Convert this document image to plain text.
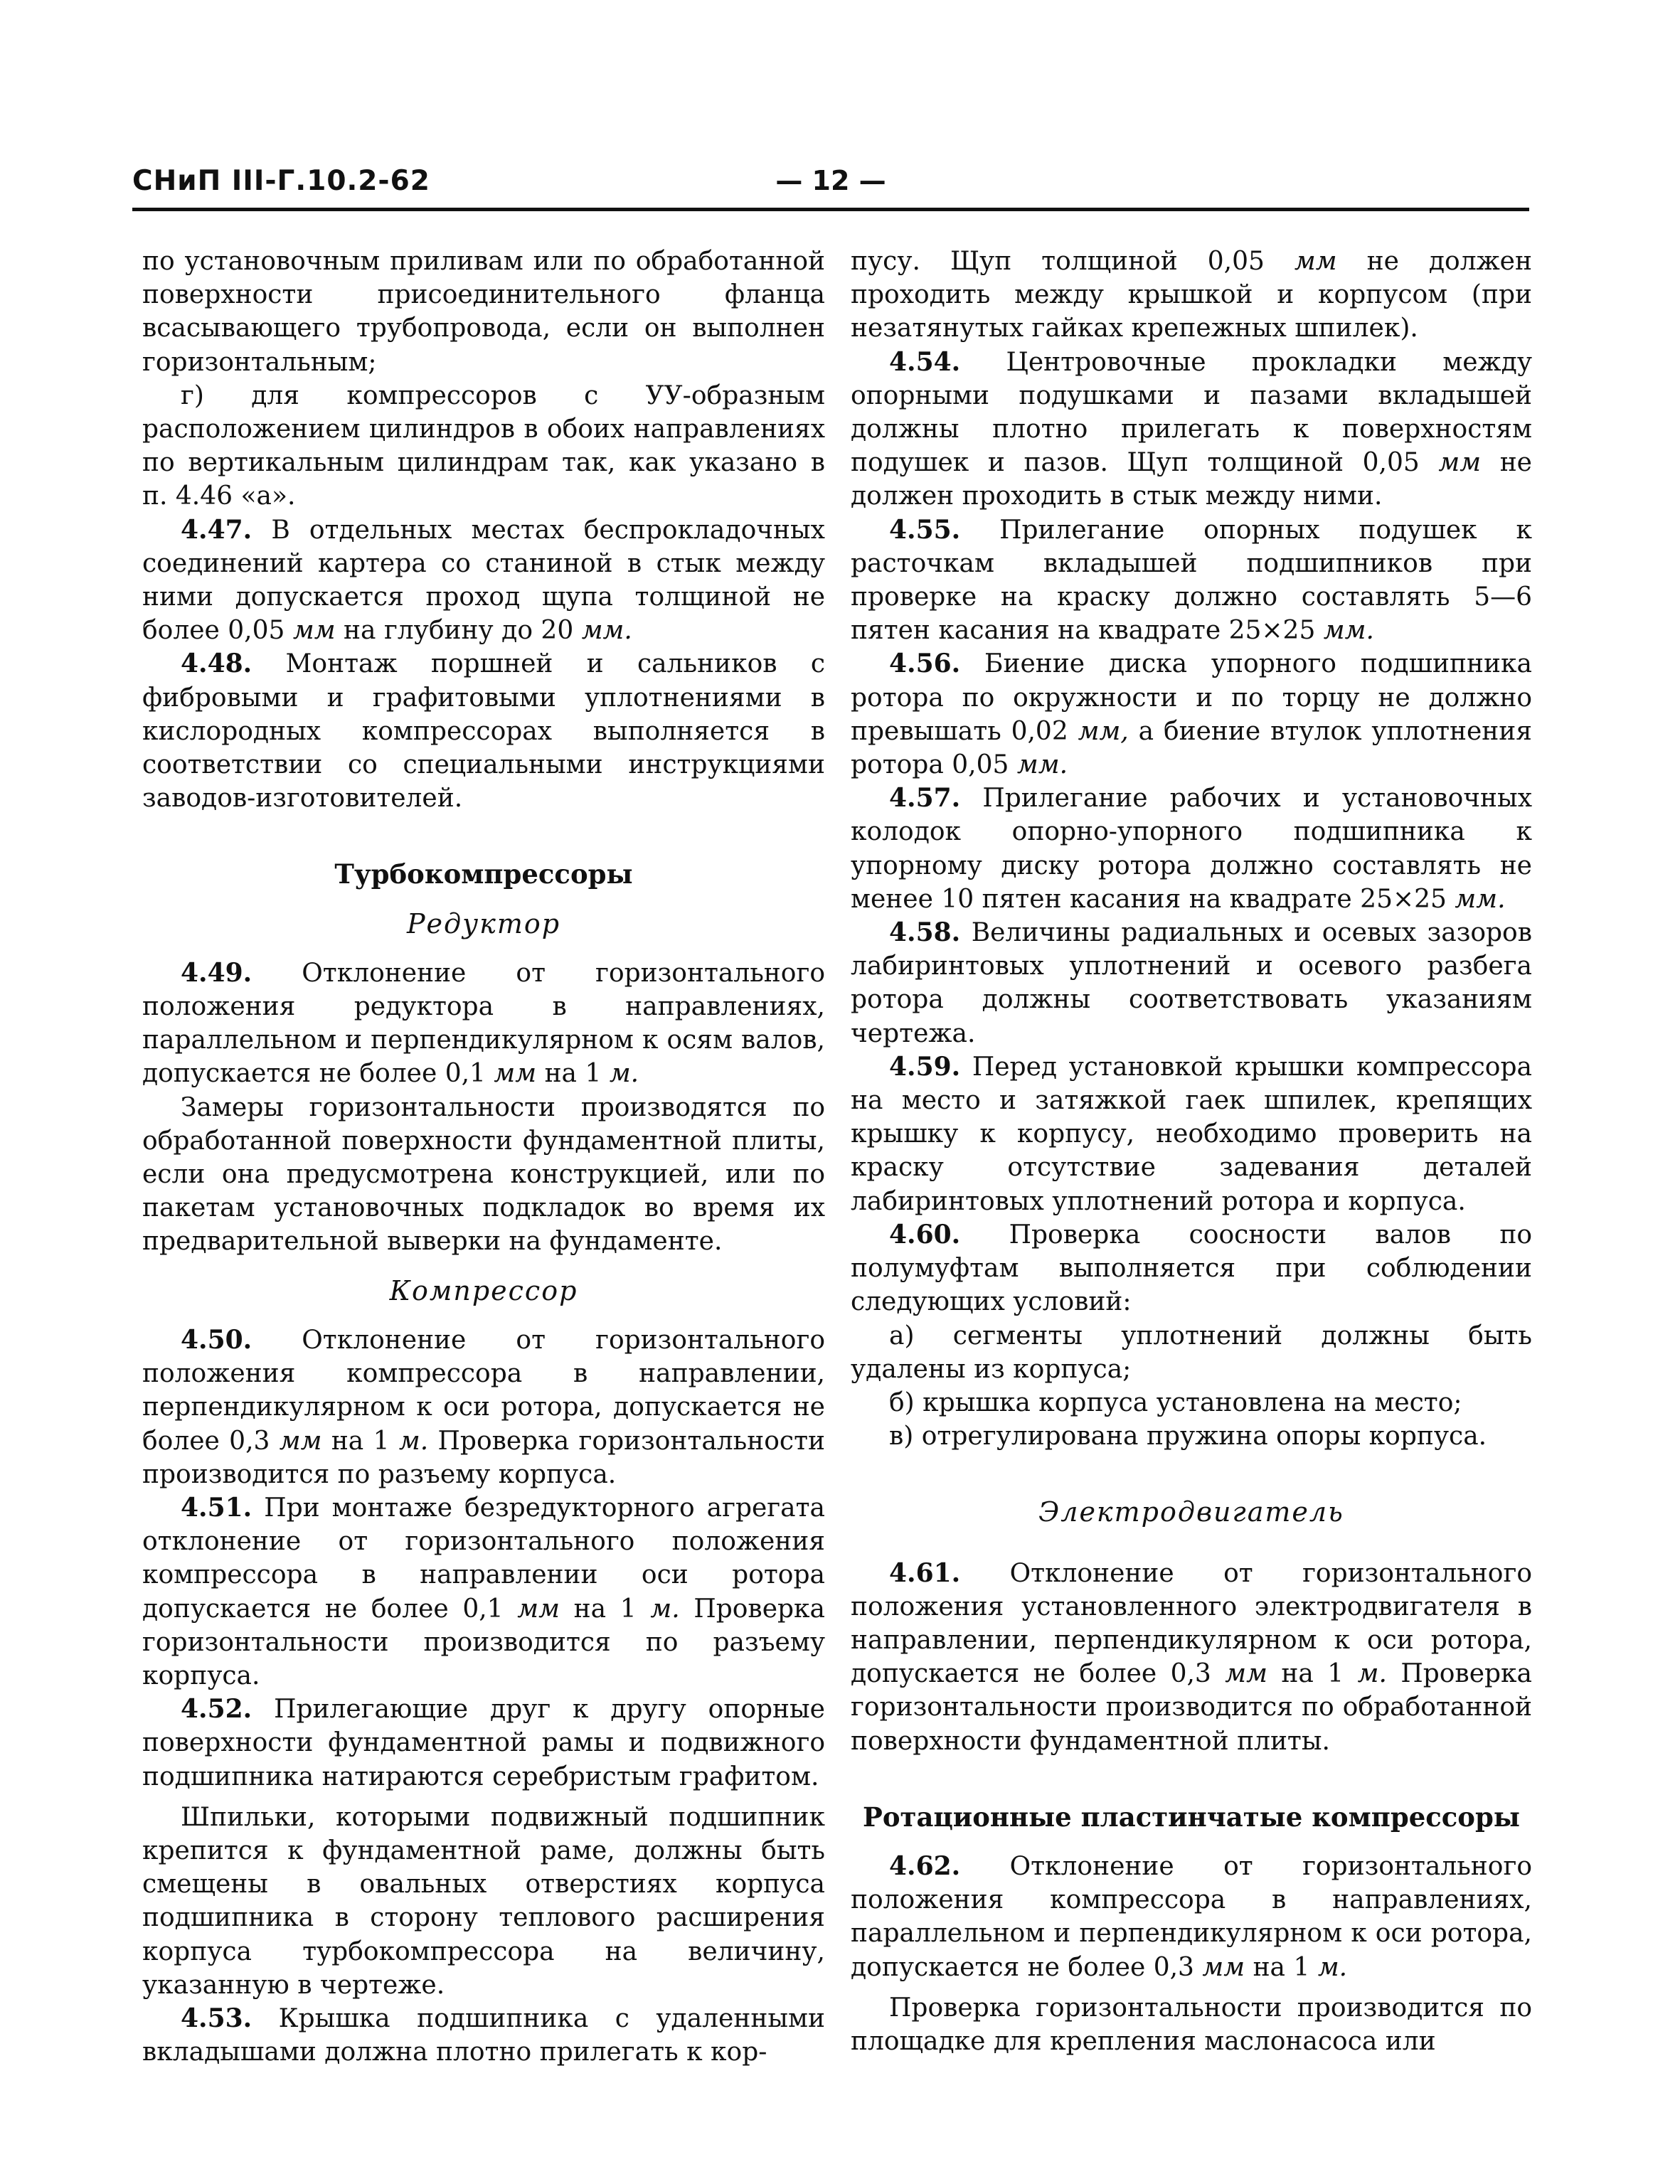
СНиП III-Г.10.2-62	— 12 —

по установочным приливам или по обработанной поверхности присоединительного фланца всасывающего трубопровода, если он выполнен горизонтальным;

г) для компрессоров с УУ-образным расположением цилиндров в обоих направлениях по вертикальным цилиндрам так, как указано в п. 4.46 «а».

4.47. В отдельных местах беспрокладочных соединений картера со станиной в стык между ними допускается проход щупа толщиной не более 0,05 мм на глубину до 20 мм.

4.48. Монтаж поршней и сальников с фибровыми и графитовыми уплотнениями в кислородных компрессорах выполняется в соответствии со специальными инструкциями заводов-изготовителей.

Турбокомпрессоры

Редуктор

4.49. Отклонение от горизонтального положения редуктора в направлениях, параллельном и перпендикулярном к осям валов, допускается не более 0,1 мм на 1 м.

Замеры горизонтальности производятся по обработанной поверхности фундаментной плиты, если она предусмотрена конструкцией, или по пакетам установочных подкладок во время их предварительной выверки на фундаменте.

Компрессор

4.50. Отклонение от горизонтального положения компрессора в направлении, перпендикулярном к оси ротора, допускается не более 0,3 мм на 1 м. Проверка горизонтальности производится по разъему корпуса.

4.51. При монтаже безредукторного агрегата отклонение от горизонтального положения компрессора в направлении оси ротора допускается не более 0,1 мм на 1 м. Проверка горизонтальности производится по разъему корпуса.

4.52. Прилегающие друг к другу опорные поверхности фундаментной рамы и подвижного подшипника натираются серебристым графитом.

Шпильки, которыми подвижный подшипник крепится к фундаментной раме, должны быть смещены в овальных отверстиях корпуса подшипника в сторону теплового расширения корпуса турбокомпрессора на величину, указанную в чертеже.

4.53. Крышка подшипника с удаленными вкладышами должна плотно прилегать к кор-

пусу. Щуп толщиной 0,05 мм не должен проходить между крышкой и корпусом (при незатянутых гайках крепежных шпилек).

4.54. Центровочные прокладки между опорными подушками и пазами вкладышей должны плотно прилегать к поверхностям подушек и пазов. Щуп толщиной 0,05 мм не должен проходить в стык между ними.

4.55. Прилегание опорных подушек к расточкам вкладышей подшипников при проверке на краску должно составлять 5—6 пятен касания на квадрате 25×25 мм.

4.56. Биение диска упорного подшипника ротора по окружности и по торцу не должно превышать 0,02 мм, а биение втулок уплотнения ротора 0,05 мм.

4.57. Прилегание рабочих и установочных колодок опорно-упорного подшипника к упорному диску ротора должно составлять не менее 10 пятен касания на квадрате 25×25 мм.

4.58. Величины радиальных и осевых зазоров лабиринтовых уплотнений и осевого разбега ротора должны соответствовать указаниям чертежа.

4.59. Перед установкой крышки компрессора на место и затяжкой гаек шпилек, крепящих крышку к корпусу, необходимо проверить на краску отсутствие задевания деталей лабиринтовых уплотнений ротора и корпуса.

4.60. Проверка соосности валов по полумуфтам выполняется при соблюдении следующих условий:

а) сегменты уплотнений должны быть удалены из корпуса;

б) крышка корпуса установлена на место;

в) отрегулирована пружина опоры корпуса.

Электродвигатель

4.61. Отклонение от горизонтального положения установленного электродвигателя в направлении, перпендикулярном к оси ротора, допускается не более 0,3 мм на 1 м. Проверка горизонтальности производится по обработанной поверхности фундаментной плиты.

Ротационные пластинчатые компрессоры

4.62. Отклонение от горизонтального положения компрессора в направлениях, параллельном и перпендикулярном к оси ротора, допускается не более 0,3 мм на 1 м.

Проверка горизонтальности производится по площадке для крепления маслонасоса или
